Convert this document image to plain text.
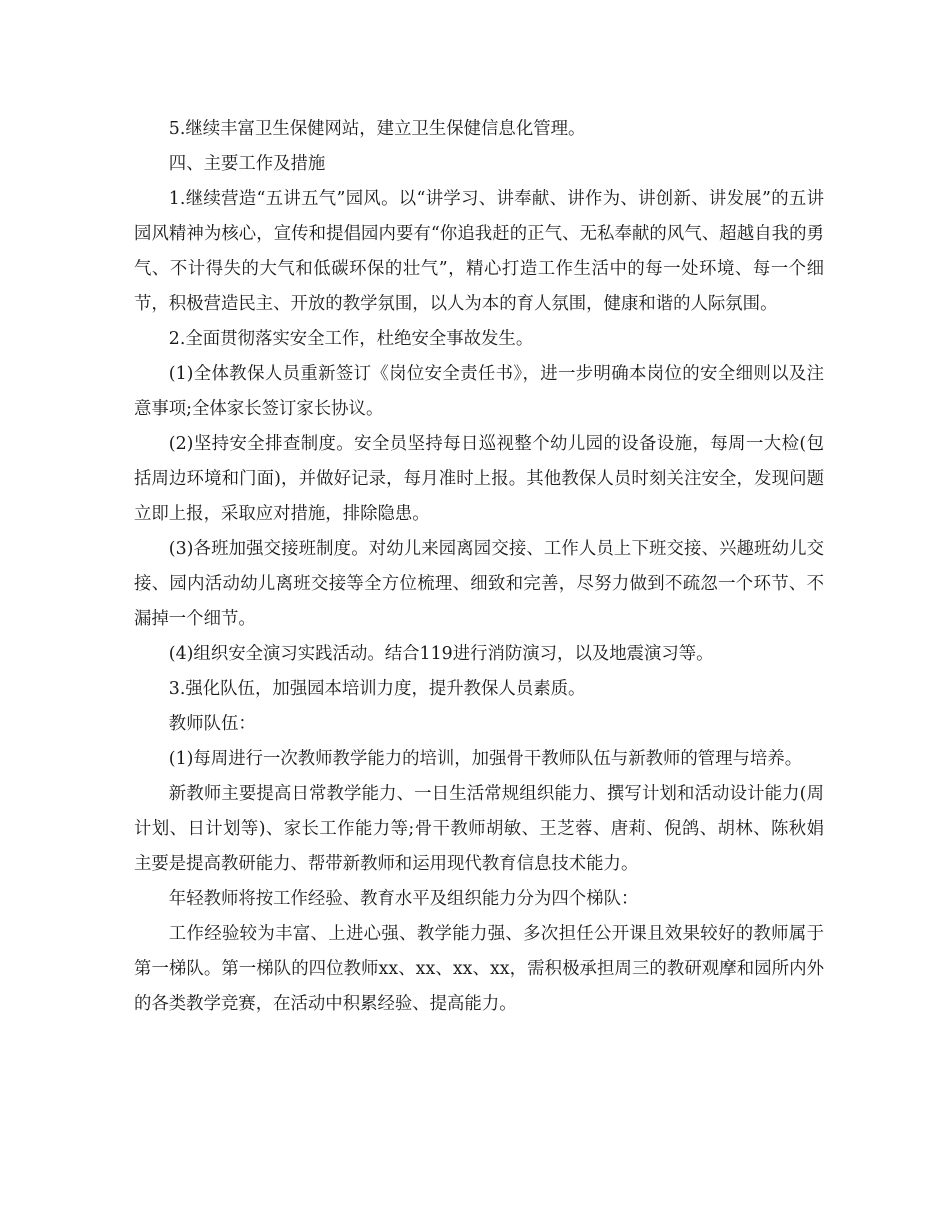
5.继续丰富卫生保健网站，建立卫生保健信息化管理。

四、主要工作及措施

1.继续营造“五讲五气”园风。以“讲学习、讲奉献、讲作为、讲创新、讲发展”的五讲园风精神为核心，宣传和提倡园内要有“你追我赶的正气、无私奉献的风气、超越自我的勇气、不计得失的大气和低碳环保的壮气”，精心打造工作生活中的每一处环境、每一个细节，积极营造民主、开放的教学氛围，以人为本的育人氛围，健康和谐的人际氛围。

2.全面贯彻落实安全工作，杜绝安全事故发生。

(1)全体教保人员重新签订《岗位安全责任书》，进一步明确本岗位的安全细则以及注意事项;全体家长签订家长协议。

(2)坚持安全排查制度。安全员坚持每日巡视整个幼儿园的设备设施，每周一大检(包括周边环境和门面)，并做好记录，每月准时上报。其他教保人员时刻关注安全，发现问题立即上报，采取应对措施，排除隐患。

(3)各班加强交接班制度。对幼儿来园离园交接、工作人员上下班交接、兴趣班幼儿交接、园内活动幼儿离班交接等全方位梳理、细致和完善，尽努力做到不疏忽一个环节、不漏掉一个细节。

(4)组织安全演习实践活动。结合119进行消防演习，以及地震演习等。

3.强化队伍，加强园本培训力度，提升教保人员素质。

教师队伍：

(1)每周进行一次教师教学能力的培训，加强骨干教师队伍与新教师的管理与培养。

新教师主要提高日常教学能力、一日生活常规组织能力、撰写计划和活动设计能力(周计划、日计划等)、家长工作能力等;骨干教师胡敏、王芝蓉、唐莉、倪鸽、胡林、陈秋娟主要是提高教研能力、帮带新教师和运用现代教育信息技术能力。

年轻教师将按工作经验、教育水平及组织能力分为四个梯队：

工作经验较为丰富、上进心强、教学能力强、多次担任公开课且效果较好的教师属于第一梯队。第一梯队的四位教师xx、xx、xx、xx，需积极承担周三的教研观摩和园所内外的各类教学竞赛，在活动中积累经验、提高能力。
